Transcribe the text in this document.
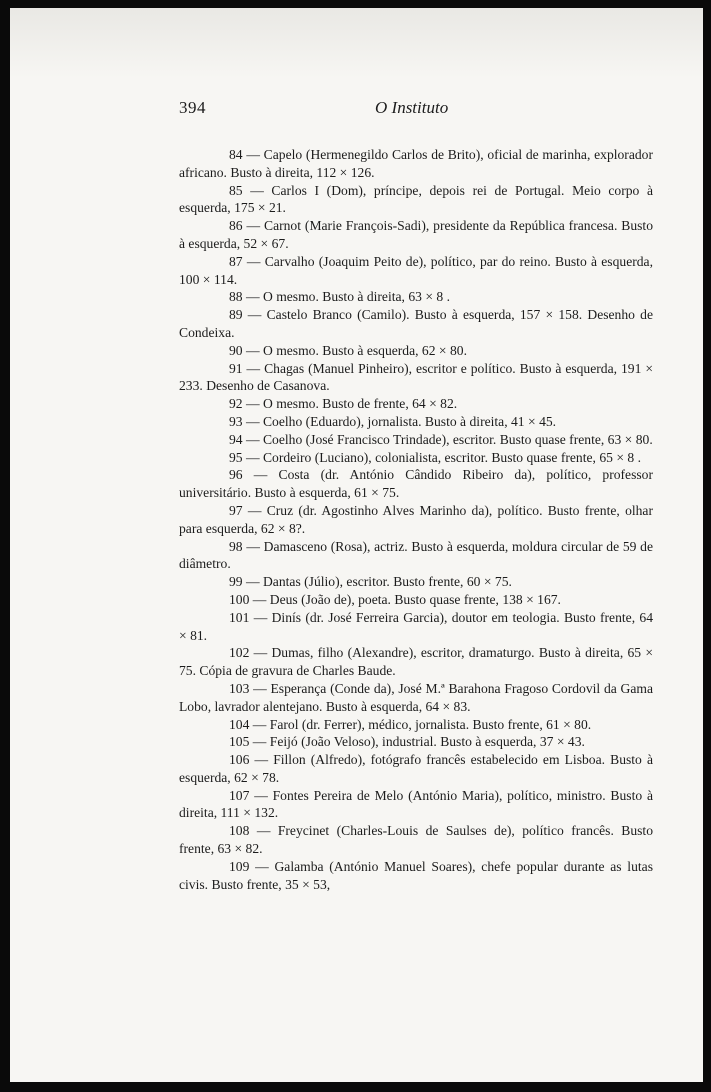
394	O Instituto

84 — Capelo (Hermenegildo Carlos de Brito), oficial de marinha, explorador africano. Busto à direita, 112 × 126.

85 — Carlos I (Dom), príncipe, depois rei de Portugal. Meio corpo à esquerda, 175 × 21.

86 — Carnot (Marie François-Sadi), presidente da República francesa. Busto à esquerda, 52 × 67.

87 — Carvalho (Joaquim Peito de), político, par do reino. Busto à esquerda, 100 × 114.

88 — O mesmo. Busto à direita, 63 × 8 .

89 — Castelo Branco (Camilo). Busto à esquerda, 157 × 158. Desenho de Condeixa.

90 — O mesmo. Busto à esquerda, 62 × 80.

91 — Chagas (Manuel Pinheiro), escritor e político. Busto à esquerda, 191 × 233. Desenho de Casanova.

92 — O mesmo. Busto de frente, 64 × 82.

93 — Coelho (Eduardo), jornalista. Busto à direita, 41 × 45.

94 — Coelho (José Francisco Trindade), escritor. Busto quase frente, 63 × 80.

95 — Cordeiro (Luciano), colonialista, escritor. Busto quase frente, 65 × 8 .

96 — Costa (dr. António Cândido Ribeiro da), político, professor universitário. Busto à esquerda, 61 × 75.

97 — Cruz (dr. Agostinho Alves Marinho da), político. Busto frente, olhar para esquerda, 62 × 8?.

98 — Damasceno (Rosa), actriz. Busto à esquerda, moldura circular de 59 de diâmetro.

99 — Dantas (Júlio), escritor. Busto frente, 60 × 75.

100 — Deus (João de), poeta. Busto quase frente, 138 × 167.

101 — Dinís (dr. José Ferreira Garcia), doutor em teologia. Busto frente, 64 × 81.

102 — Dumas, filho (Alexandre), escritor, dramaturgo. Busto à direita, 65 × 75. Cópia de gravura de Charles Baude.

103 — Esperança (Conde da), José M.ª Barahona Fragoso Cordovil da Gama Lobo, lavrador alentejano. Busto à esquerda, 64 × 83.

104 — Farol (dr. Ferrer), médico, jornalista. Busto frente, 61 × 80.

105 — Feijó (João Veloso), industrial. Busto à esquerda, 37 × 43.

106 — Fillon (Alfredo), fotógrafo francês estabelecido em Lisboa. Busto à esquerda, 62 × 78.

107 — Fontes Pereira de Melo (António Maria), político, ministro. Busto à direita, 111 × 132.

108 — Freycinet (Charles-Louis de Saulses de), político francês. Busto frente, 63 × 82.

109 — Galamba (António Manuel Soares), chefe popular durante as lutas civis. Busto frente, 35 × 53,
